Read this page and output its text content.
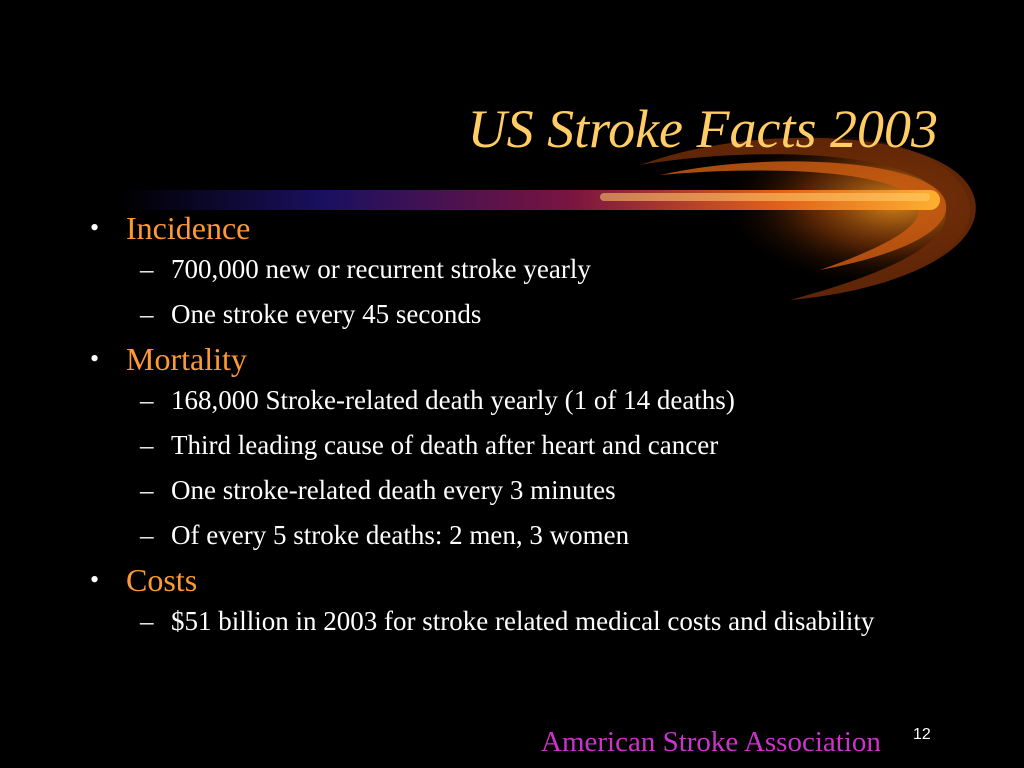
US Stroke Facts 2003
• Incidence
– 700,000 new or recurrent stroke yearly
– One stroke every 45 seconds
• Mortality
– 168,000 Stroke-related death yearly (1 of 14 deaths)
– Third leading cause of death after heart and cancer
– One stroke-related death every 3 minutes
– Of every 5 stroke deaths: 2 men, 3 women
• Costs
– $51 billion in 2003 for stroke related medical costs and disability
American Stroke Association 12
